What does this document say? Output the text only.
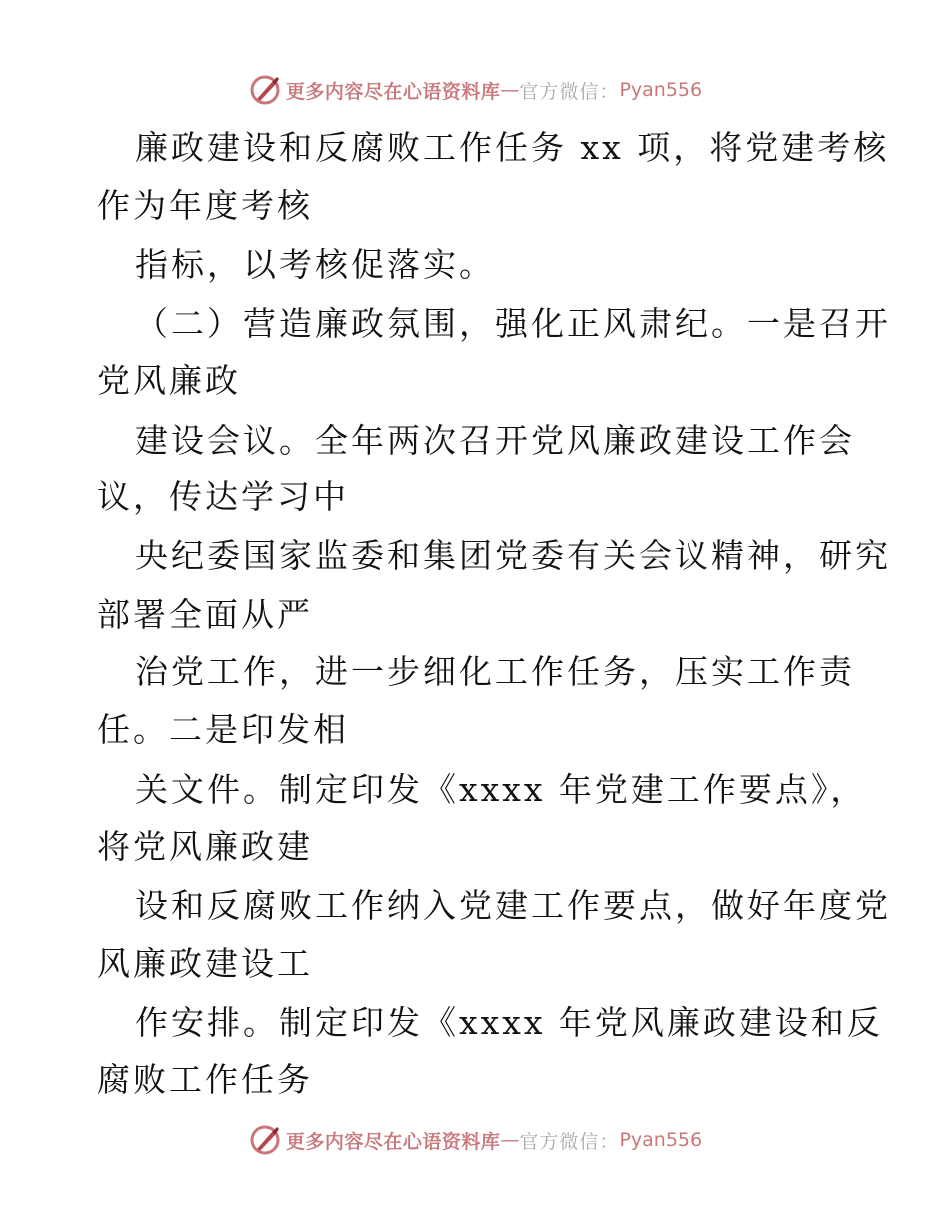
更多内容尽在心语资料库 — 官方微信： Pyan556
廉政建设和反腐败工作任务 xx 项，将党建考核
作为年度考核
指标，以考核促落实。
（二）营造廉政氛围，强化正风肃纪。一是召开
党风廉政
建设会议。全年两次召开党风廉政建设工作会
议，传达学习中
央纪委国家监委和集团党委有关会议精神，研究
部署全面从严
治党工作，进一步细化工作任务，压实工作责
任。二是印发相
关文件。制定印发《xxxx 年党建工作要点》，
将党风廉政建
设和反腐败工作纳入党建工作要点，做好年度党
风廉政建设工
作安排。制定印发《xxxx 年党风廉政建设和反
腐败工作任务
更多内容尽在心语资料库 — 官方微信： Pyan556
